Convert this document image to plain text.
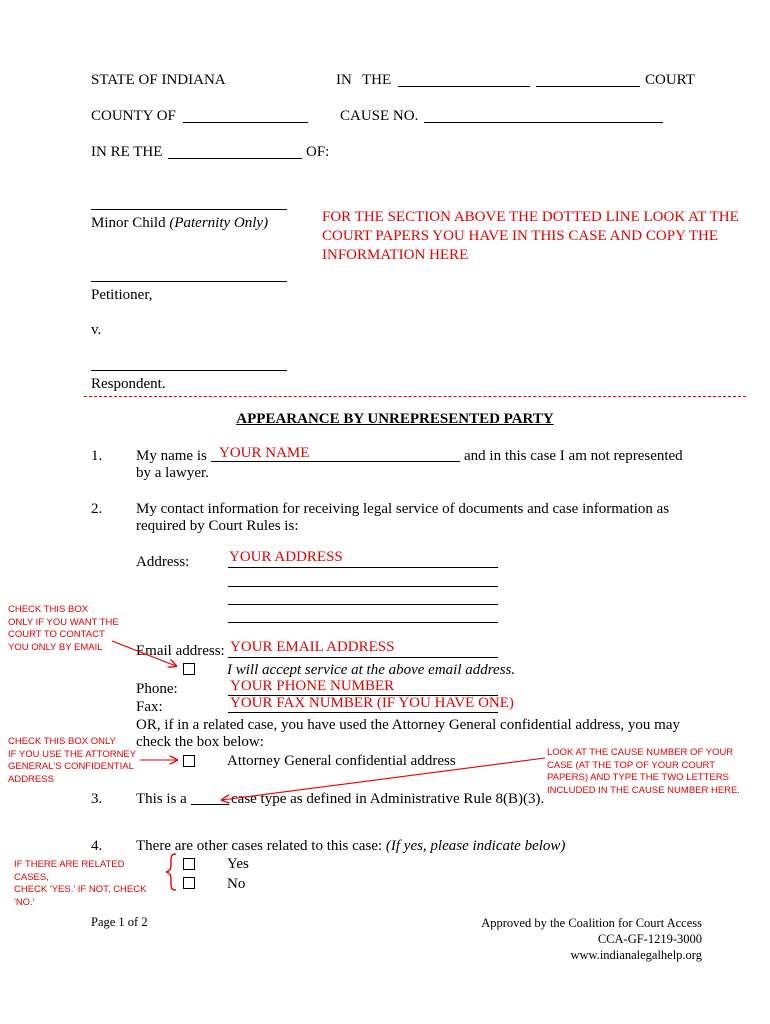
STATE OF INDIANA	IN THE	COURT
COUNTY OF	CAUSE NO.
IN RE THE	OF:
Minor Child (Paternity Only)	FOR THE SECTION ABOVE THE DOTTED LINE LOOK AT THE COURT PAPERS YOU HAVE IN THIS CASE AND COPY THE INFORMATION HERE
Petitioner,
v.
Respondent.
APPEARANCE BY UNREPRESENTED PARTY
1. My name is YOUR NAME	and in this case I am not represented
by a lawyer.
2. My contact information for receiving legal service of documents and case information as
required by Court Rules is:
Address:	YOUR ADDRESS
Email address: YOUR EMAIL ADDRESS
I will accept service at the above email address.
Phone:	YOUR PHONE NUMBER
Fax:	YOUR FAX NUMBER (IF YOU HAVE ONE)
OR, if in a related case, you have used the Attorney General confidential address, you may
check the box below:
Attorney General confidential address
3. This is a	case type as defined in Administrative Rule 8(B)(3).
4. There are other cases related to this case: (If yes, please indicate below)
Yes
No
CHECK THIS BOX
ONLY IF YOU WANT THE
COURT TO CONTACT
YOU ONLY BY EMAIL
CHECK THIS BOX ONLY
IF YOU USE THE ATTORNEY
GENERAL'S CONFIDENTIAL
ADDRESS
LOOK AT THE CAUSE NUMBER OF YOUR
CASE (AT THE TOP OF YOUR COURT
PAPERS) AND TYPE THE TWO LETTERS
INCLUDED IN THE CAUSE NUMBER HERE.
IF THERE ARE RELATED
CASES,
CHECK 'YES.' IF NOT, CHECK
'NO.'
Page 1 of 2	Approved by the Coalition for Court Access
CCA-GF-1219-3000
www.indianalegalhelp.org
